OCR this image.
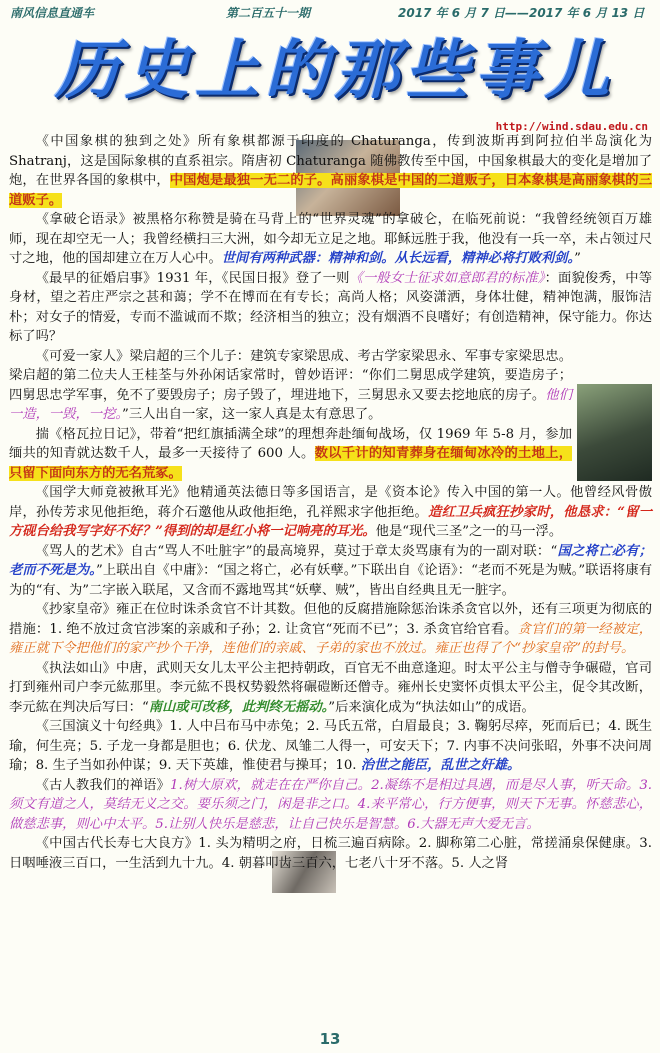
南风信息直通车	第二百五十一期	2017 年 6 月 7 日——2017 年 6 月 13 日
历史上的那些事儿
http://wind.sdau.edu.cn

《中国象棋的独到之处》所有象棋都源于印度的 Chaturanga，传到波斯再到阿拉伯半岛演化为 Shatranj，这是国际象棋的直系祖宗。隋唐初 Chaturanga 随佛教传至中国，中国象棋最大的变化是增加了炮，在世界各国的象棋中，中国炮是最独一无二的子。高丽象棋是中国的二道贩子，日本象棋是高丽象棋的三道贩子。

《拿破仑语录》被黑格尔称赞是骑在马背上的“世界灵魂”的拿破仑，在临死前说：“我曾经统领百万雄师，现在却空无一人；我曾经横扫三大洲，如今却无立足之地。耶稣远胜于我，他没有一兵一卒，未占领过尺寸之地，他的国却建立在万人心中。世间有两种武器：精神和剑。从长远看，精神必将打败利剑。”

《最早的征婚启事》1931 年，《民国日报》登了一则《一般女士征求如意郎君的标准》：面貌俊秀，中等身材，望之若庄严宗之甚和蔼；学不在博而在有专长；高尚人格；风姿潇洒，身体壮健，精神饱满，服饰洁朴；对女子的情爱，专而不滥诚而不欺；经济相当的独立；没有烟酒不良嗜好；有创造精神，保守能力。你达标了吗？

《可爱一家人》梁启超的三个儿子：建筑专家梁思成、考古学家梁思永、军事专家梁思忠。梁启超的第二位夫人王桂荃与外孙闲话家常时，曾妙语评：“你们二舅思成学建筑，要造房子；四舅思忠学军事，免不了要毁房子；房子毁了，埋进地下，三舅思永又要去挖地底的房子。他们一造，一毁，一挖。”三人出自一家，这一家人真是太有意思了。

揣《格瓦拉日记》，带着“把红旗插满全球”的理想奔赴缅甸战场，仅 1969 年 5-8 月，参加缅共的知青就达数千人，最多一天接待了 600 人。数以千计的知青葬身在缅甸冰冷的土地上，只留下面向东方的无名荒冢。

《国学大师竟被揪耳光》他精通英法德日等多国语言，是《资本论》传入中国的第一人。他曾经风骨傲岸，孙传芳求见他拒绝，蒋介石邀他从政他拒绝，孔祥熙求字他拒绝。造红卫兵疯狂抄家时，他恳求：“留一方砚台给我写字好不好？”得到的却是红小将一记响亮的耳光。他是“现代三圣”之一的马一浮。

《骂人的艺术》自古“骂人不吐脏字”的最高境界，莫过于章太炎骂康有为的一副对联：“国之将亡必有；老而不死是为。”上联出自《中庸》：“国之将亡，必有妖孽。”下联出自《论语》：“老而不死是为贼。”联语将康有为的“有、为”二字嵌入联尾，又含而不露地骂其“妖孽、贼”，皆出自经典且无一脏字。

《抄家皇帝》雍正在位时诛杀贪官不计其数。但他的反腐措施除惩治诛杀贪官以外，还有三项更为彻底的措施：1. 绝不放过贪官涉案的亲戚和子孙；2. 让贪官“死而不已”；3. 杀贪官给官看。贪官们的第一经被定，雍正就下令把他们的家产抄个干净，连他们的亲戚、子弟的家也不放过。雍正也得了个“抄家皇帝”的封号。

《执法如山》中唐，武则天女儿太平公主把持朝政，百官无不曲意逢迎。时太平公主与僧寺争碾磑，官司打到雍州司户李元紘那里。李元紘不畏权势毅然将碾磑断还僧寺。雍州长史窦怀贞惧太平公主，促令其改断，李元紘在判决后写曰：“南山或可改移，此判终无摇动。”后来演化成为“执法如山”的成语。

《三国演义十句经典》1. 人中吕布马中赤兔；2. 马氏五常，白眉最良；3. 鞠躬尽瘁，死而后已；4. 既生瑜，何生亮；5. 子龙一身都是胆也；6. 伏龙、凤雏二人得一，可安天下；7. 内事不决问张昭，外事不决问周瑜；8. 生子当如孙仲谋；9. 天下英雄，惟使君与操耳；10. 治世之能臣，乱世之奸雄。

《古人教我们的禅语》1.树大原欢，就走在在严你自己。2.凝练不是相过具遇，而是尽人事，听天命。3.须文有道之人，莫结无义之交。要乐须之门，闲是非之口。4.来平常心，行方便事，则天下无事。怀慈悲心，做慈悲事，则心中太平。5.让别人快乐是慈悲，让自己快乐是智慧。6.大器无声大爱无言。

《中国古代长寿七大良方》1. 头为精明之府，日梳三遍百病除。2. 脚称第二心脏，常搓涌泉保健康。3. 日咽唾液三百口，一生活到九十九。4. 朝暮叩齿三百六，七老八十牙不落。5. 人之肾

13
